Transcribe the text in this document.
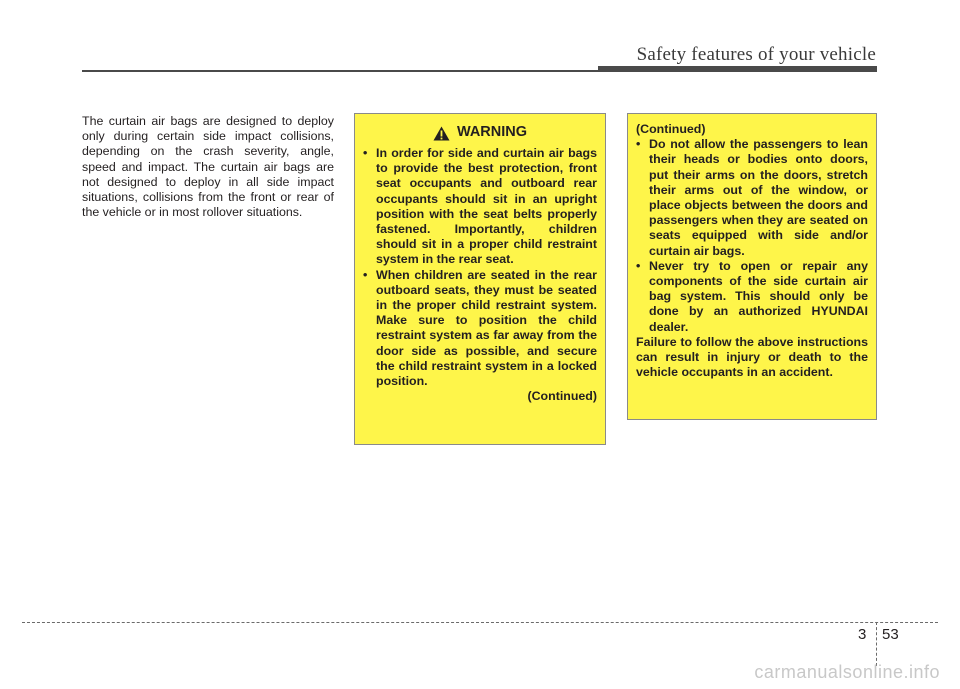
Safety features of your vehicle
The curtain air bags are designed to deploy only during certain side impact collisions, depending on the crash severity, angle, speed and impact. The curtain air bags are not designed to deploy in all side impact situations, collisions from the front or rear of the vehicle or in most rollover situations.
WARNING
• In order for side and curtain air bags to provide the best protection, front seat occupants and outboard rear occupants should sit in an upright position with the seat belts properly fastened. Importantly, children should sit in a proper child restraint system in the rear seat.
• When children are seated in the rear outboard seats, they must be seated in the proper child restraint system. Make sure to position the child restraint system as far away from the door side as possible, and secure the child restraint system in a locked position.
(Continued)
(Continued)
• Do not allow the passengers to lean their heads or bodies onto doors, put their arms on the doors, stretch their arms out of the window, or place objects between the doors and passengers when they are seated on seats equipped with side and/or curtain air bags.
• Never try to open or repair any components of the side curtain air bag system. This should only be done by an authorized HYUNDAI dealer.
Failure to follow the above instructions can result in injury or death to the vehicle occupants in an accident.
3 53
carmanualsonline.info
